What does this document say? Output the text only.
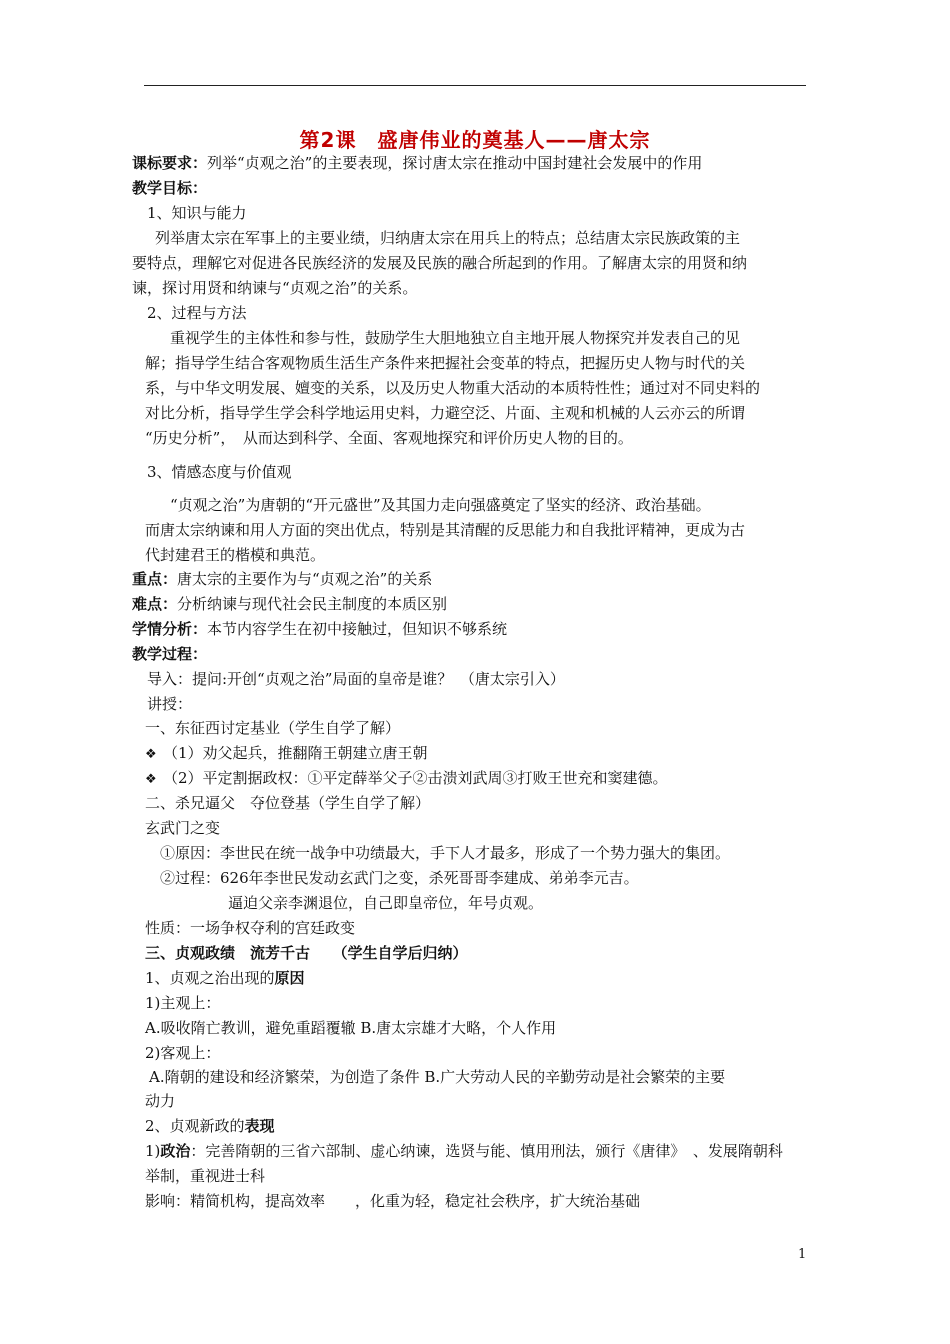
第2课　盛唐伟业的奠基人——唐太宗
课标要求：列举“贞观之治”的主要表现，探讨唐太宗在推动中国封建社会发展中的作用
教学目标：
1、知识与能力
列举唐太宗在军事上的主要业绩，归纳唐太宗在用兵上的特点；总结唐太宗民族政策的主
要特点，理解它对促进各民族经济的发展及民族的融合所起到的作用。了解唐太宗的用贤和纳
谏，探讨用贤和纳谏与“贞观之治”的关系。
2、过程与方法
重视学生的主体性和参与性，鼓励学生大胆地独立自主地开展人物探究并发表自己的见
解；指导学生结合客观物质生活生产条件来把握社会变革的特点，把握历史人物与时代的关
系，与中华文明发展、嬗变的关系，以及历史人物重大活动的本质特性性；通过对不同史料的
对比分析，指导学生学会科学地运用史料，力避空泛、片面、主观和机械的人云亦云的所谓
“历史分析”，　从而达到科学、全面、客观地探究和评价历史人物的目的。
3、情感态度与价值观
“贞观之治”为唐朝的“开元盛世”及其国力走向强盛奠定了坚实的经济、政治基础。
而唐太宗纳谏和用人方面的突出优点，特别是其清醒的反思能力和自我批评精神，更成为古
代封建君王的楷模和典范。
重点：唐太宗的主要作为与“贞观之治”的关系
难点：分析纳谏与现代社会民主制度的本质区别
学情分析：本节内容学生在初中接触过，但知识不够系统
教学过程：
导入：提问:开创“贞观之治”局面的皇帝是谁？　（唐太宗引入）
讲授：
一、东征西讨定基业（学生自学了解）
❖ （1）劝父起兵，推翻隋王朝建立唐王朝
❖ （2）平定割据政权：①平定薛举父子②击溃刘武周③打败王世充和窦建德。
二、杀兄逼父　夺位登基（学生自学了解）
玄武门之变
①原因：李世民在统一战争中功绩最大，手下人才最多，形成了一个势力强大的集团。
②过程：626年李世民发动玄武门之变，杀死哥哥李建成、弟弟李元吉。
逼迫父亲李渊退位，自己即皇帝位，年号贞观。
性质：一场争权夺利的宫廷政变
三、贞观政绩　流芳千古　　（学生自学后归纳）
1、贞观之治出现的原因
1)主观上：
A.吸收隋亡教训，避免重蹈覆辙 B.唐太宗雄才大略，个人作用
2)客观上：
A.隋朝的建设和经济繁荣，为创造了条件 B.广大劳动人民的辛勤劳动是社会繁荣的主要
动力
2、贞观新政的表现
1)政治：完善隋朝的三省六部制、虚心纳谏，选贤与能、慎用刑法，颁行《唐律》　、发展隋朝科
举制，重视进士科
影响：精简机构，提高效率　　，化重为轻，稳定社会秩序，扩大统治基础
1
